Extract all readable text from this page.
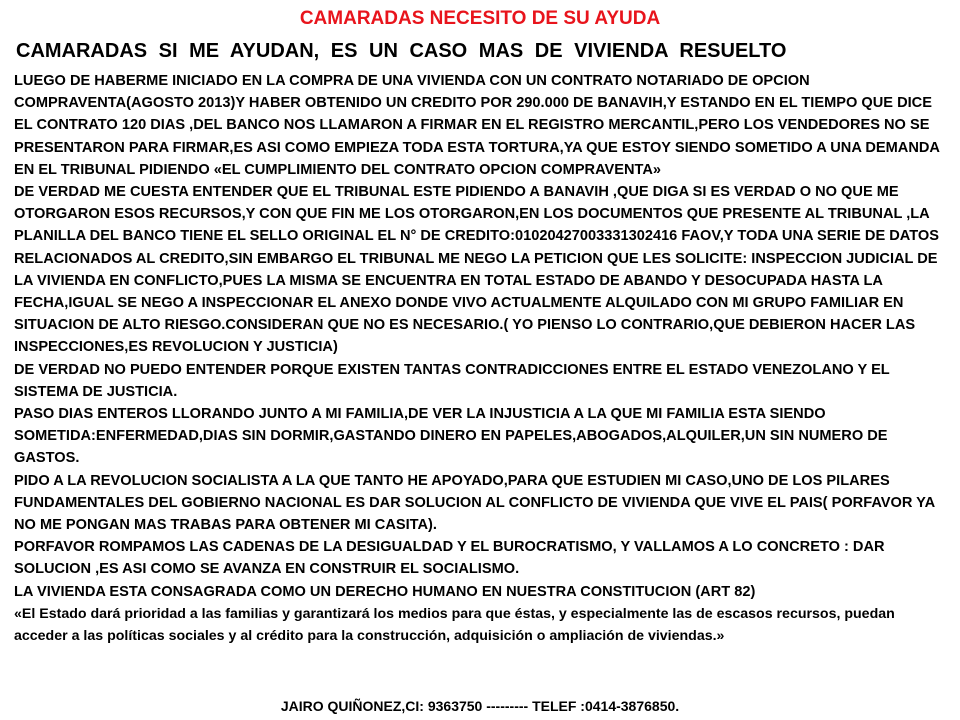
CAMARADAS NECESITO DE SU AYUDA
CAMARADAS SI ME AYUDAN, ES UN CASO MAS DE VIVIENDA RESUELTO

LUEGO DE HABERME INICIADO EN LA COMPRA DE UNA VIVIENDA CON UN CONTRATO NOTARIADO DE OPCION COMPRAVENTA(AGOSTO 2013)Y HABER OBTENIDO UN CREDITO POR 290.000 DE BANAVIH,Y ESTANDO EN EL TIEMPO QUE DICE EL CONTRATO 120 DIAS ,DEL BANCO NOS LLAMARON A FIRMAR EN EL REGISTRO MERCANTIL,PERO LOS VENDEDORES NO SE PRESENTARON PARA FIRMAR,ES ASI COMO EMPIEZA TODA ESTA TORTURA,YA QUE ESTOY SIENDO SOMETIDO A UNA DEMANDA EN EL TRIBUNAL PIDIENDO «EL CUMPLIMIENTO DEL CONTRATO OPCION COMPRAVENTA»

DE VERDAD ME CUESTA ENTENDER QUE EL TRIBUNAL ESTE PIDIENDO A BANAVIH ,QUE DIGA SI ES VERDAD O NO QUE ME OTORGARON ESOS RECURSOS,Y CON QUE FIN ME LOS OTORGARON,EN LOS DOCUMENTOS QUE PRESENTE AL TRIBUNAL ,LA PLANILLA DEL BANCO TIENE EL SELLO ORIGINAL EL N° DE CREDITO:01020427003331302416 FAOV,Y TODA UNA SERIE DE DATOS RELACIONADOS AL CREDITO,SIN EMBARGO EL TRIBUNAL ME NEGO LA PETICION QUE LES SOLICITE: INSPECCION JUDICIAL DE LA VIVIENDA EN CONFLICTO,PUES LA MISMA SE ENCUENTRA EN TOTAL ESTADO DE ABANDO Y DESOCUPADA HASTA LA FECHA,IGUAL SE NEGO A INSPECCIONAR EL ANEXO DONDE VIVO ACTUALMENTE ALQUILADO CON MI GRUPO FAMILIAR EN SITUACION DE ALTO RIESGO.CONSIDERAN QUE NO ES NECESARIO.( YO PIENSO LO CONTRARIO,QUE DEBIERON HACER LAS INSPECCIONES,ES REVOLUCION Y JUSTICIA)

DE VERDAD NO PUEDO ENTENDER PORQUE EXISTEN TANTAS CONTRADICCIONES ENTRE EL ESTADO VENEZOLANO Y EL SISTEMA DE JUSTICIA.

PASO DIAS ENTEROS LLORANDO JUNTO A MI FAMILIA,DE VER LA INJUSTICIA A LA QUE MI FAMILIA ESTA SIENDO SOMETIDA:ENFERMEDAD,DIAS SIN DORMIR,GASTANDO DINERO EN PAPELES,ABOGADOS,ALQUILER,UN SIN NUMERO DE GASTOS.

PIDO A LA REVOLUCION SOCIALISTA A LA QUE TANTO HE APOYADO,PARA QUE ESTUDIEN MI CASO,UNO DE LOS PILARES FUNDAMENTALES DEL GOBIERNO NACIONAL ES DAR SOLUCION AL CONFLICTO DE VIVIENDA QUE VIVE EL PAIS( PORFAVOR YA NO ME PONGAN MAS TRABAS PARA OBTENER MI CASITA).

PORFAVOR ROMPAMOS LAS CADENAS DE LA DESIGUALDAD Y EL BUROCRATISMO, Y VALLAMOS A LO CONCRETO : DAR SOLUCION ,ES ASI COMO SE AVANZA EN CONSTRUIR EL SOCIALISMO.

LA VIVIENDA ESTA CONSAGRADA COMO UN DERECHO HUMANO EN NUESTRA CONSTITUCION (ART 82)

«El Estado dará prioridad a las familias y garantizará los medios para que éstas, y especialmente las de escasos recursos, puedan acceder a las políticas sociales y al crédito para la construcción, adquisición o ampliación de viviendas.»

JAIRO QUIÑONEZ,CI: 9363750 --------- TELEF :0414-3876850.
